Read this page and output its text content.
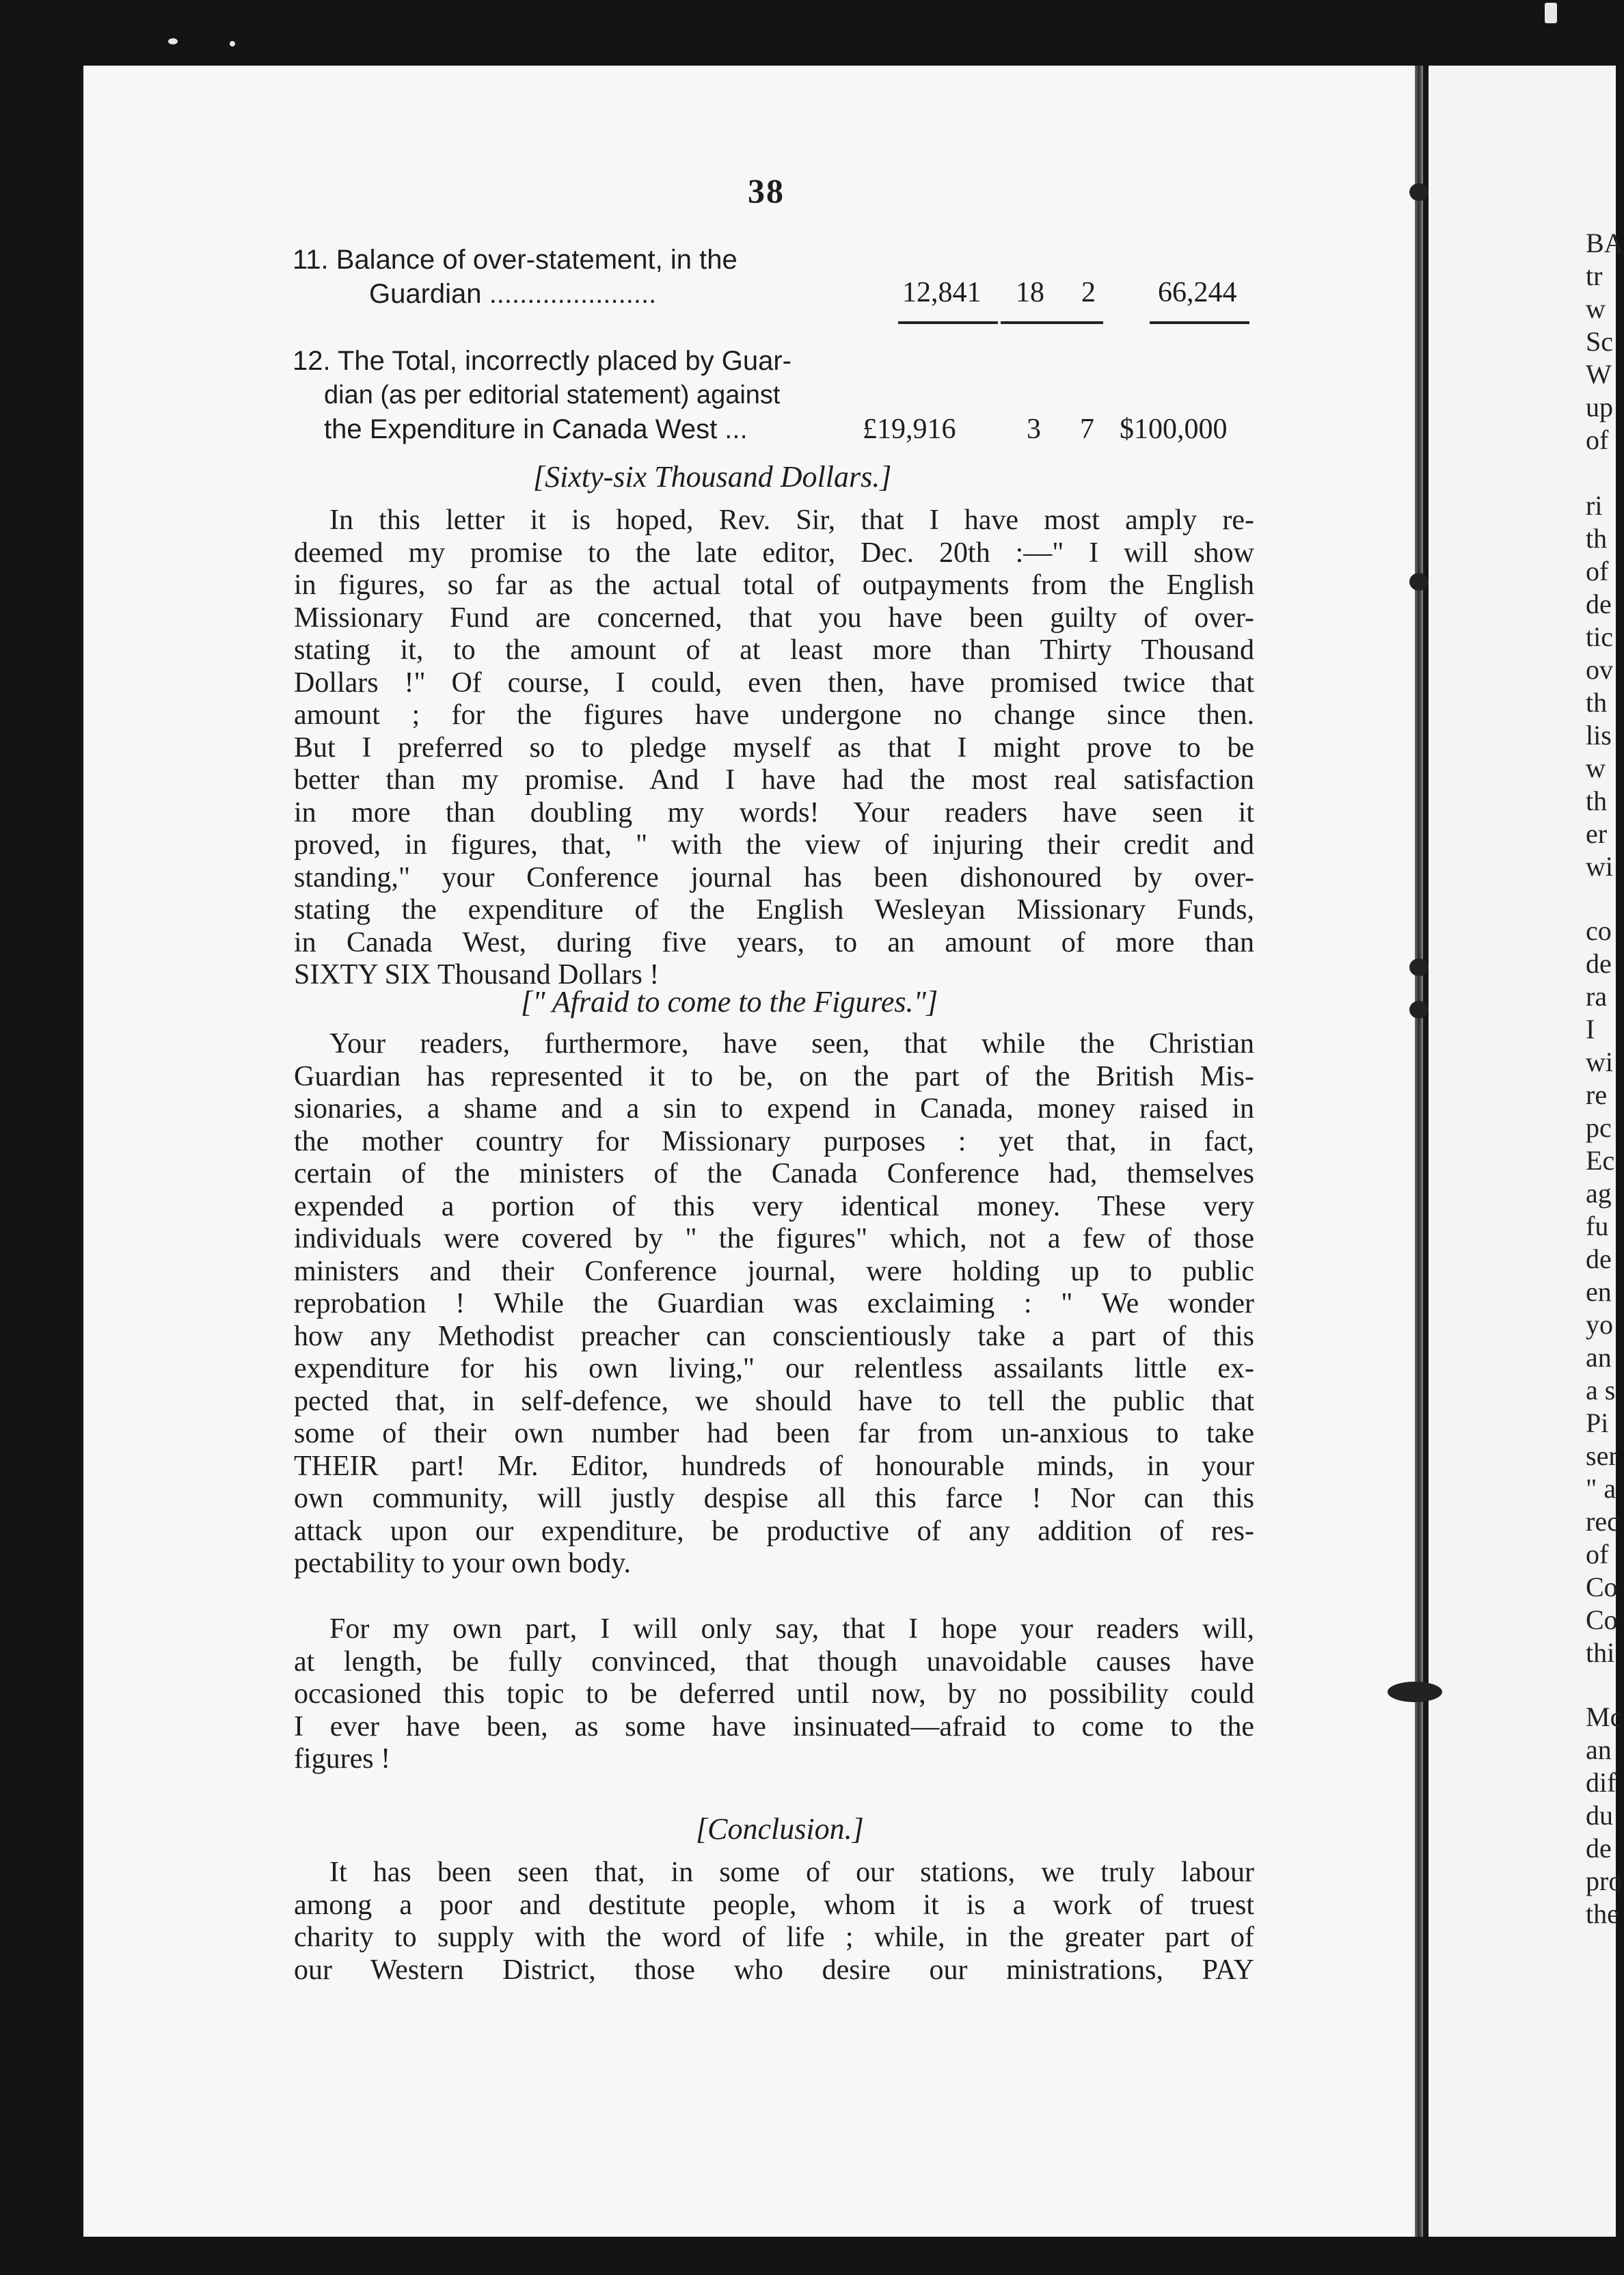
BA
tr
w
Sc
W
up
of
ri
th
of
de
tic
ov
th
lis
w
th
er
wi
co
de
ra
I
wi
re
pc
Ec
ag
fu
de
en
yo
an
a s
Pi
ser
" a
rec
of
Co
Co
thi
Mc
an
dif
du
de
pro
the
38
11. Balance of over-statement, in the
Guardian ......................	12,841 18 2 66,244
12. The Total, incorrectly placed by Guar-
dian (as per editorial statement) against
the Expenditure in Canada West ...	£19,916 3 7 $100,000
[Sixty-six Thousand Dollars.]
In this letter it is hoped, Rev. Sir, that I have most amply re-
deemed my promise to the late editor, Dec. 20th :—" I will show
in figures, so far as the actual total of outpayments from the English
Missionary Fund are concerned, that you have been guilty of over-
stating it, to the amount of at least more than Thirty Thousand
Dollars !" Of course, I could, even then, have promised twice that
amount ; for the figures have undergone no change since then.
But I preferred so to pledge myself as that I might prove to be
better than my promise. And I have had the most real satisfaction
in more than doubling my words! Your readers have seen it
proved, in figures, that, " with the view of injuring their credit and
standing," your Conference journal has been dishonoured by over-
stating the expenditure of the English Wesleyan Missionary Funds,
in Canada West, during five years, to an amount of more than
SIXTY SIX Thousand Dollars !
[" Afraid to come to the Figures."]
Your readers, furthermore, have seen, that while the Christian
Guardian has represented it to be, on the part of the British Mis-
sionaries, a shame and a sin to expend in Canada, money raised in
the mother country for Missionary purposes : yet that, in fact,
certain of the ministers of the Canada Conference had, themselves
expended a portion of this very identical money. These very
individuals were covered by " the figures" which, not a few of those
ministers and their Conference journal, were holding up to public
reprobation ! While the Guardian was exclaiming : " We wonder
how any Methodist preacher can conscientiously take a part of this
expenditure for his own living," our relentless assailants little ex-
pected that, in self-defence, we should have to tell the public that
some of their own number had been far from un-anxious to take
THEIR part! Mr. Editor, hundreds of honourable minds, in your
own community, will justly despise all this farce ! Nor can this
attack upon our expenditure, be productive of any addition of res-
pectability to your own body.
For my own part, I will only say, that I hope your readers will,
at length, be fully convinced, that though unavoidable causes have
occasioned this topic to be deferred until now, by no possibility could
I ever have been, as some have insinuated—afraid to come to the
figures !
[Conclusion.]
It has been seen that, in some of our stations, we truly labour
among a poor and destitute people, whom it is a work of truest
charity to supply with the word of life ; while, in the greater part of
our Western District, those who desire our ministrations, PAY
